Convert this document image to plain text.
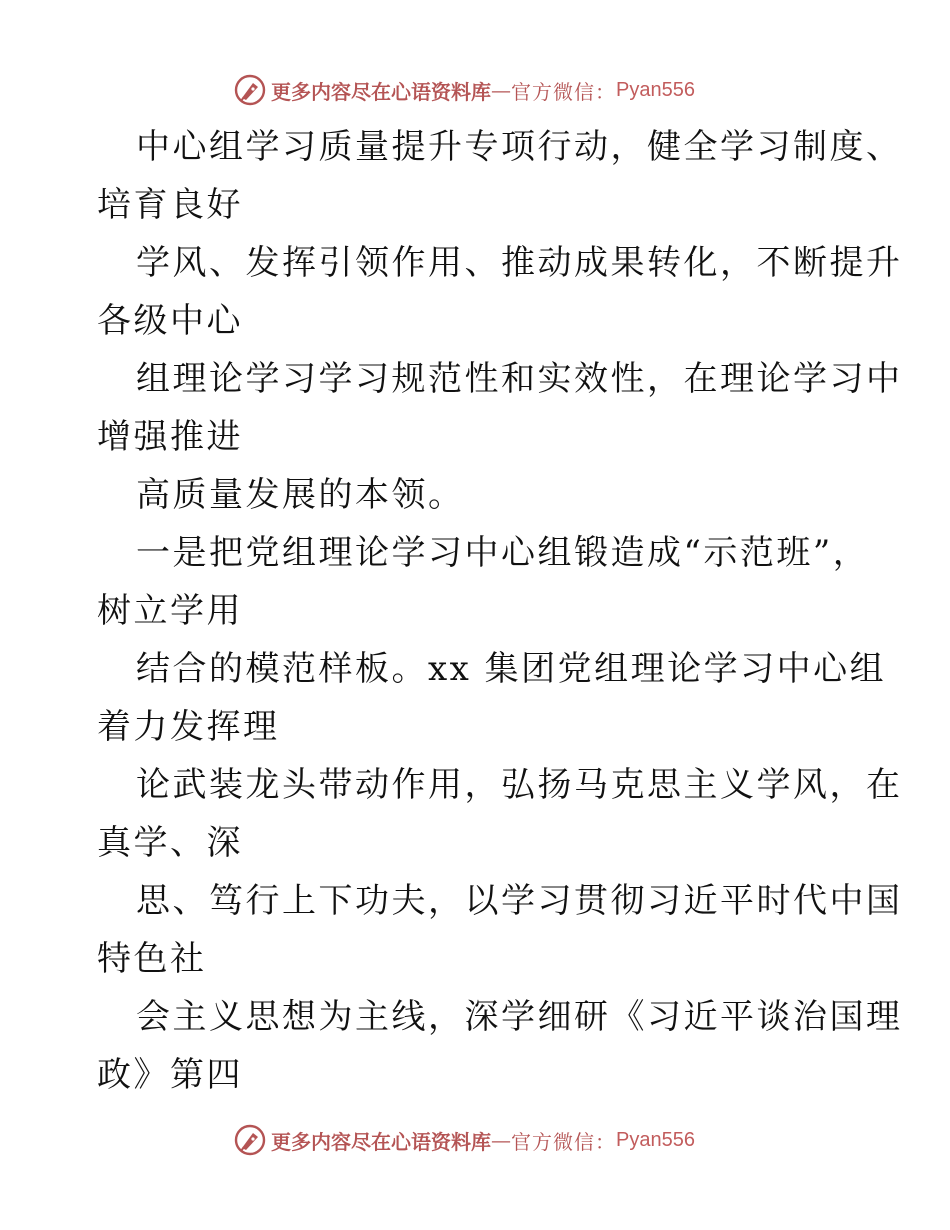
更多内容尽在心语资料库 — 官方微信： Pyan556
中心组学习质量提升专项行动，健全学习制度、
培育良好
学风、发挥引领作用、推动成果转化，不断提升
各级中心
组理论学习学习规范性和实效性，在理论学习中
增强推进
高质量发展的本领。
一是把党组理论学习中心组锻造成“示范班”，
树立学用
结合的模范样板。xx 集团党组理论学习中心组
着力发挥理
论武装龙头带动作用，弘扬马克思主义学风，在
真学、深
思、笃行上下功夫，以学习贯彻习近平时代中国
特色社
会主义思想为主线，深学细研《习近平谈治国理
政》第四
更多内容尽在心语资料库 — 官方微信： Pyan556
